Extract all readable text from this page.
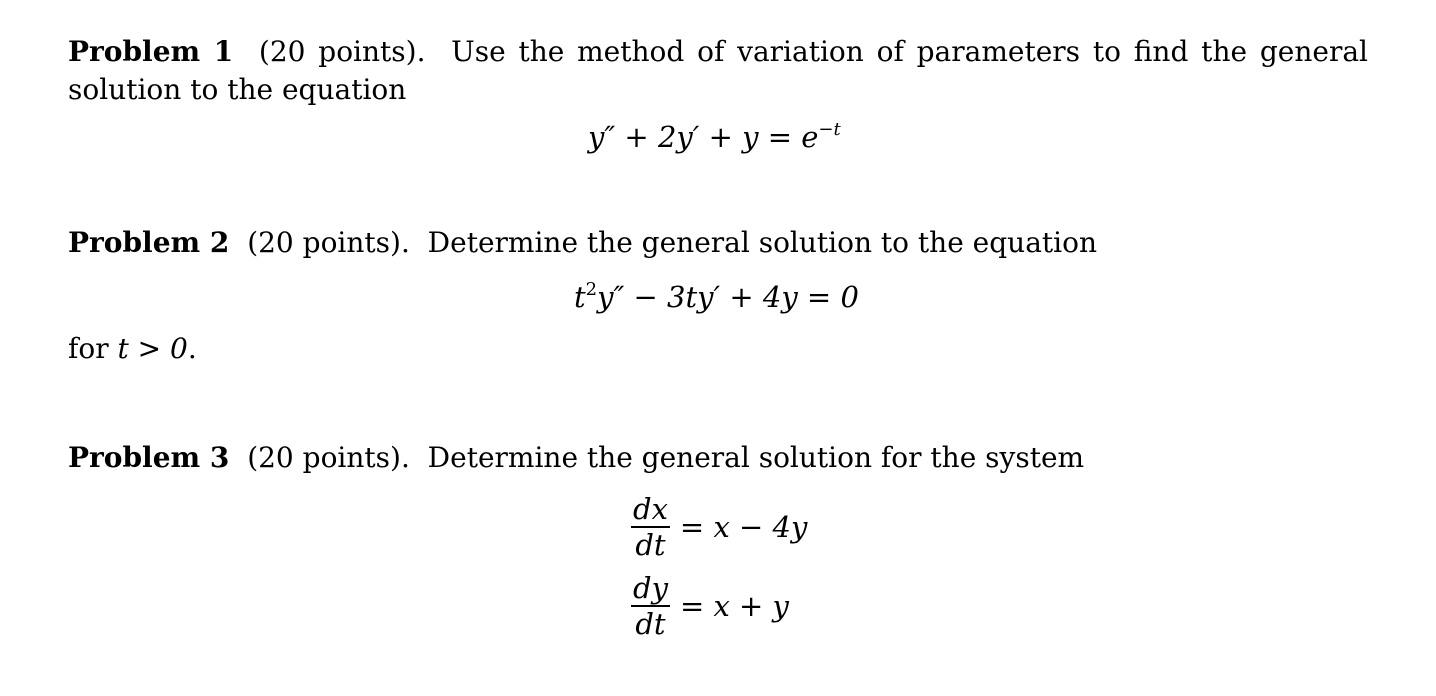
Problem 1 (20 points). Use the method of variation of parameters to find the general solution to the equation
$y'' + 2y' + y = e^{-t}$
Problem 2 (20 points). Determine the general solution to the equation
$t^2y'' - 3ty' + 4y = 0$
for t > 0.
Problem 3 (20 points). Determine the general solution for the system
$\frac{dx}{dt} = x - 4y$
$\frac{dy}{dt} = x + y$
